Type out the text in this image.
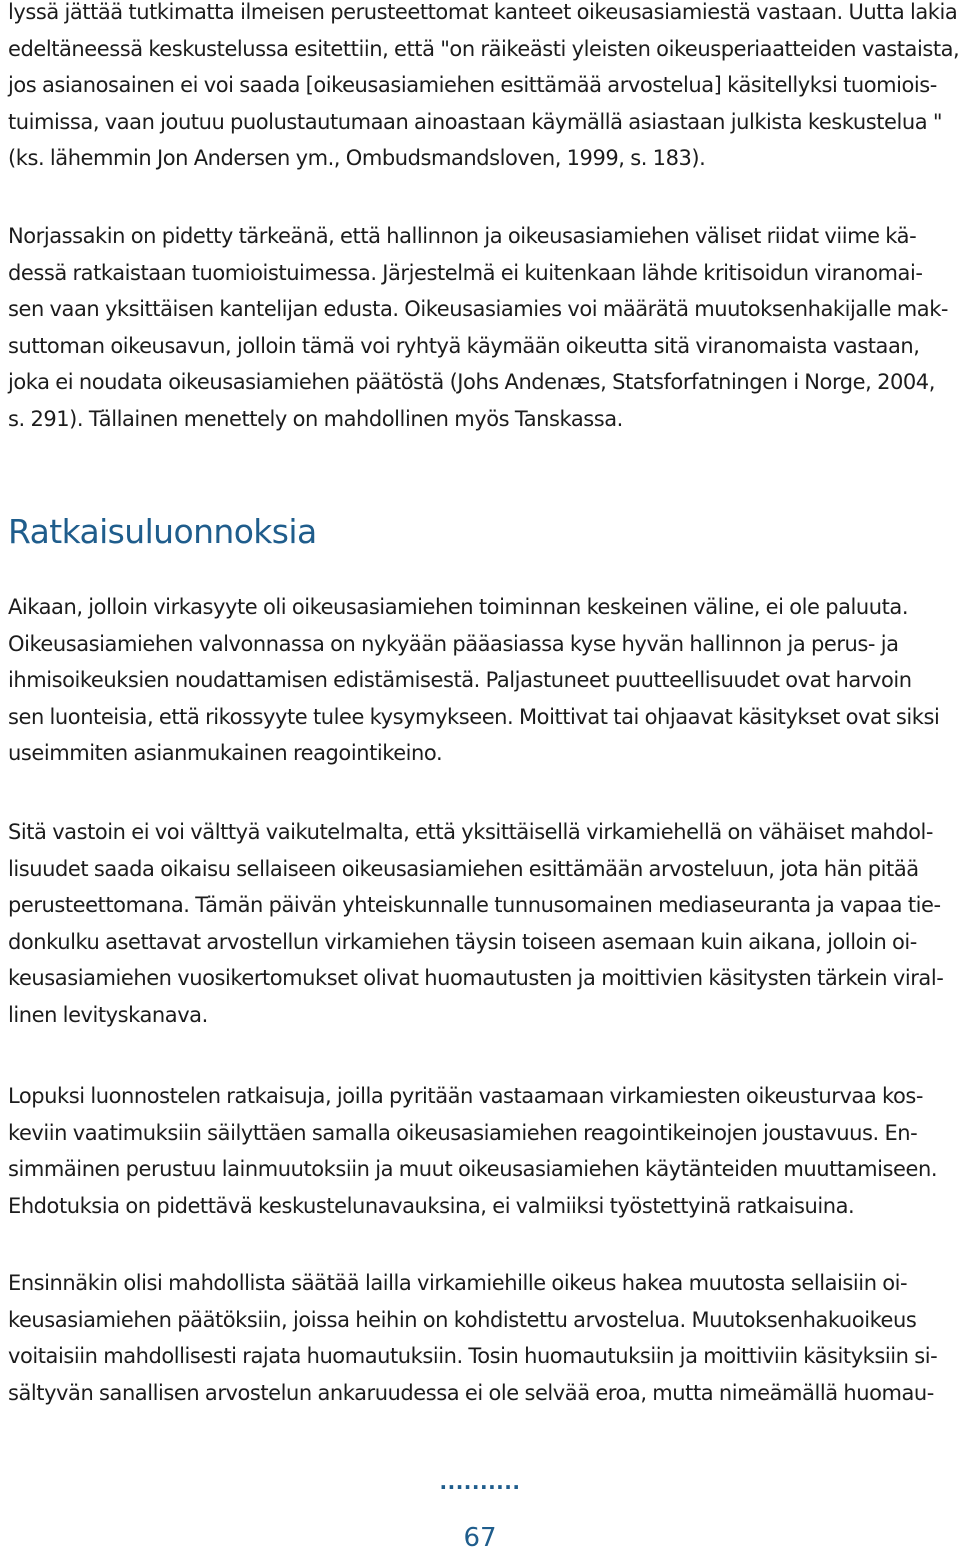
lyssä jättää tutkimatta ilmeisen perusteettomat kanteet oikeusasiamiestä vastaan. Uutta lakia
edeltäneessä keskustelussa esitettiin, että "on räikeästi yleisten oikeusperiaatteiden vastaista,
jos asianosainen ei voi saada [oikeusasiamiehen esittämää arvostelua] käsitellyksi tuomiois-
tuimissa, vaan joutuu puolustautumaan ainoastaan käymällä asiastaan julkista keskustelua "
(ks. lähemmin Jon Andersen ym., Ombudsmandsloven, 1999, s. 183).

Norjassakin on pidetty tärkeänä, että hallinnon ja oikeusasiamiehen väliset riidat viime kä-
dessä ratkaistaan tuomioistuimessa. Järjestelmä ei kuitenkaan lähde kritisoidun viranomai-
sen vaan yksittäisen kantelijan edusta. Oikeusasiamies voi määrätä muutoksenhakijalle mak-
suttoman oikeusavun, jolloin tämä voi ryhtyä käymään oikeutta sitä viranomaista vastaan,
joka ei noudata oikeusasiamiehen päätöstä (Johs Andenæs, Statsforfatningen i Norge, 2004,
s. 291). Tällainen menettely on mahdollinen myös Tanskassa.

Ratkaisuluonnoksia

Aikaan, jolloin virkasyyte oli oikeusasiamiehen toiminnan keskeinen väline, ei ole paluuta.
Oikeusasiamiehen valvonnassa on nykyään pääasiassa kyse hyvän hallinnon ja perus- ja
ihmisoikeuksien noudattamisen edistämisestä. Paljastuneet puutteellisuudet ovat harvoin
sen luonteisia, että rikossyyte tulee kysymykseen. Moittivat tai ohjaavat käsitykset ovat siksi
useimmiten asianmukainen reagointikeino.

Sitä vastoin ei voi välttyä vaikutelmalta, että yksittäisellä virkamiehellä on vähäiset mahdol-
lisuudet saada oikaisu sellaiseen oikeusasiamiehen esittämään arvosteluun, jota hän pitää
perusteettomana. Tämän päivän yhteiskunnalle tunnusomainen mediaseuranta ja vapaa tie-
donkulku asettavat arvostellun virkamiehen täysin toiseen asemaan kuin aikana, jolloin oi-
keusasiamiehen vuosikertomukset olivat huomautusten ja moittivien käsitysten tärkein viral-
linen levityskanava.

Lopuksi luonnostelen ratkaisuja, joilla pyritään vastaamaan virkamiesten oikeusturvaa kos-
keviin vaatimuksiin säilyttäen samalla oikeusasiamiehen reagointikeinojen joustavuus. En-
simmäinen perustuu lainmuutoksiin ja muut oikeusasiamiehen käytänteiden muuttamiseen.
Ehdotuksia on pidettävä keskustelunavauksina, ei valmiiksi työstettyinä ratkaisuina.

Ensinnäkin olisi mahdollista säätää lailla virkamiehille oikeus hakea muutosta sellaisiin oi-
keusasiamiehen päätöksiin, joissa heihin on kohdistettu arvostelua. Muutoksenhakuoikeus
voitaisiin mahdollisesti rajata huomautuksiin. Tosin huomautuksiin ja moittiviin käsityksiin si-
sältyvän sanallisen arvostelun ankaruudessa ei ole selvää eroa, mutta nimeämällä huomau-

..........
67
